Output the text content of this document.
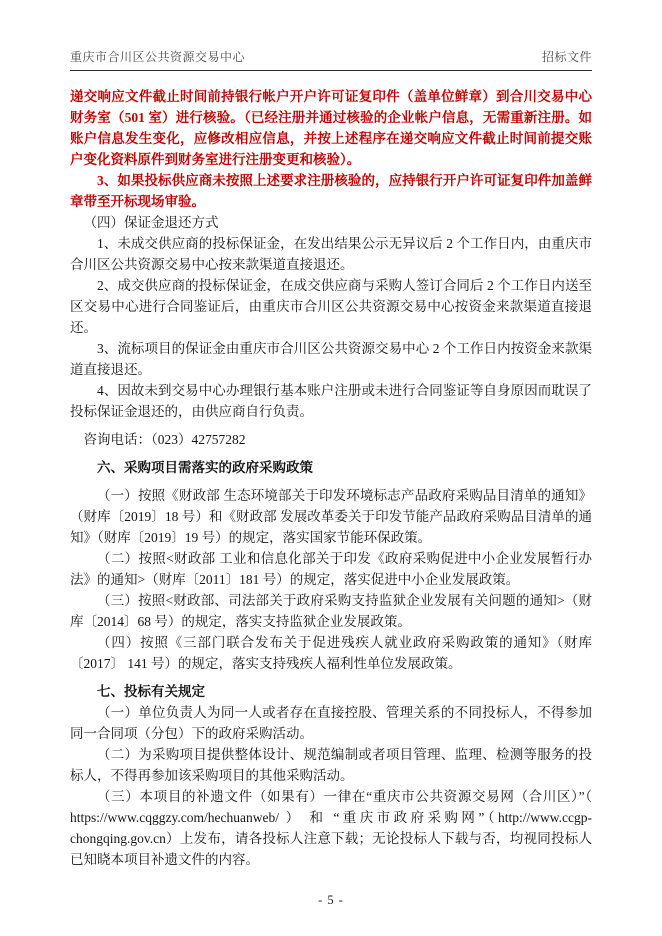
重庆市合川区公共资源交易中心	招标文件

递交响应文件截止时间前持银行帐户开户许可证复印件（盖单位鲜章）到合川交易中心财务室（501 室）进行核验。（已经注册并通过核验的企业帐户信息，无需重新注册。如账户信息发生变化，应修改相应信息，并按上述程序在递交响应文件截止时间前提交账户变化资料原件到财务室进行注册变更和核验）。

3、如果投标供应商未按照上述要求注册核验的，应持银行开户许可证复印件加盖鲜章带至开标现场审验。

（四）保证金退还方式

1、未成交供应商的投标保证金，在发出结果公示无异议后 2 个工作日内，由重庆市合川区公共资源交易中心按来款渠道直接退还。

2、成交供应商的投标保证金，在成交供应商与采购人签订合同后 2 个工作日内送至区交易中心进行合同鉴证后，由重庆市合川区公共资源交易中心按资金来款渠道直接退还。

3、流标项目的保证金由重庆市合川区公共资源交易中心 2 个工作日内按资金来款渠道直接退还。

4、因故未到交易中心办理银行基本账户注册或未进行合同鉴证等自身原因而耽误了投标保证金退还的，由供应商自行负责。

咨询电话：（023）42757282

六、采购项目需落实的政府采购政策

（一）按照《财政部 生态环境部关于印发环境标志产品政府采购品目清单的通知》（财库〔2019〕18 号）和《财政部 发展改革委关于印发节能产品政府采购品目清单的通知》（财库〔2019〕19 号）的规定，落实国家节能环保政策。

（二）按照<财政部 工业和信息化部关于印发《政府采购促进中小企业发展暂行办法》的通知>（财库〔2011〕181 号）的规定，落实促进中小企业发展政策。

（三）按照<财政部、司法部关于政府采购支持监狱企业发展有关问题的通知>（财库〔2014〕68 号）的规定，落实支持监狱企业发展政策。

（四）按照《三部门联合发布关于促进残疾人就业政府采购政策的通知》（财库〔2017〕 141 号）的规定，落实支持残疾人福利性单位发展政策。

七、投标有关规定

（一）单位负责人为同一人或者存在直接控股、管理关系的不同投标人，不得参加同一合同项（分包）下的政府采购活动。

（二）为采购项目提供整体设计、规范编制或者项目管理、监理、检测等服务的投标人，不得再参加该采购项目的其他采购活动。

（三）本项目的补遗文件（如果有）一律在“重庆市公共资源交易网（合川区）”（ https://www.cqggzy.com/hechuanweb/ ） 和 “重庆市政府采购网”（http://www.ccgp-chongqing.gov.cn）上发布，请各投标人注意下载；无论投标人下载与否，均视同投标人已知晓本项目补遗文件的内容。

- 5 -
